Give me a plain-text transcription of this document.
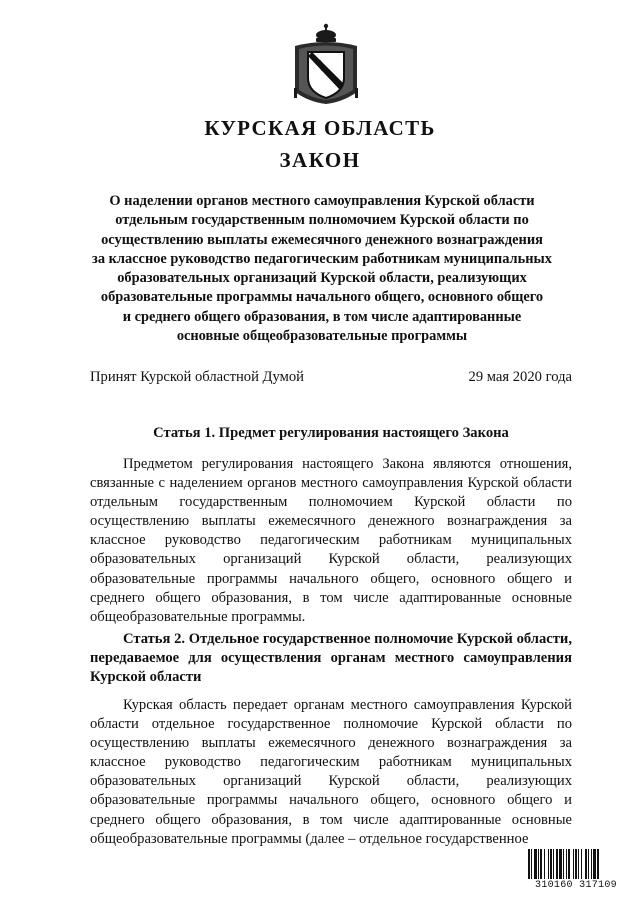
КУРСКАЯ ОБЛАСТЬ
ЗАКОН
О наделении органов местного самоуправления Курской области
отдельным государственным полномочием Курской области по
осуществлению выплаты ежемесячного денежного вознаграждения
за классное руководство педагогическим работникам муниципальных
образовательных организаций Курской области, реализующих
образовательные программы начального общего, основного общего
и среднего общего образования, в том числе адаптированные
основные общеобразовательные программы
Принят Курской областной Думой	29 мая 2020 года
Статья 1. Предмет регулирования настоящего Закона

Предметом регулирования настоящего Закона являются отношения, связанные с наделением органов местного самоуправления Курской области отдельным государственным полномочием Курской области по осуществлению выплаты ежемесячного денежного вознаграждения за классное руководство педагогическим работникам муниципальных образовательных организаций Курской области, реализующих образовательные программы начального общего, основного общего и среднего общего образования, в том числе адаптированные основные общеобразовательные программы.

Статья 2. Отдельное государственное полномочие Курской области, передаваемое для осуществления органам местного самоуправления Курской области

Курская область передает органам местного самоуправления Курской области отдельное государственное полномочие Курской области по осуществлению выплаты ежемесячного денежного вознаграждения за классное руководство педагогическим работникам муниципальных образовательных организаций Курской области, реализующих образовательные программы начального общего, основного общего и среднего общего образования, в том числе адаптированные основные общеобразовательные программы (далее – отдельное государственное

310160 317109
